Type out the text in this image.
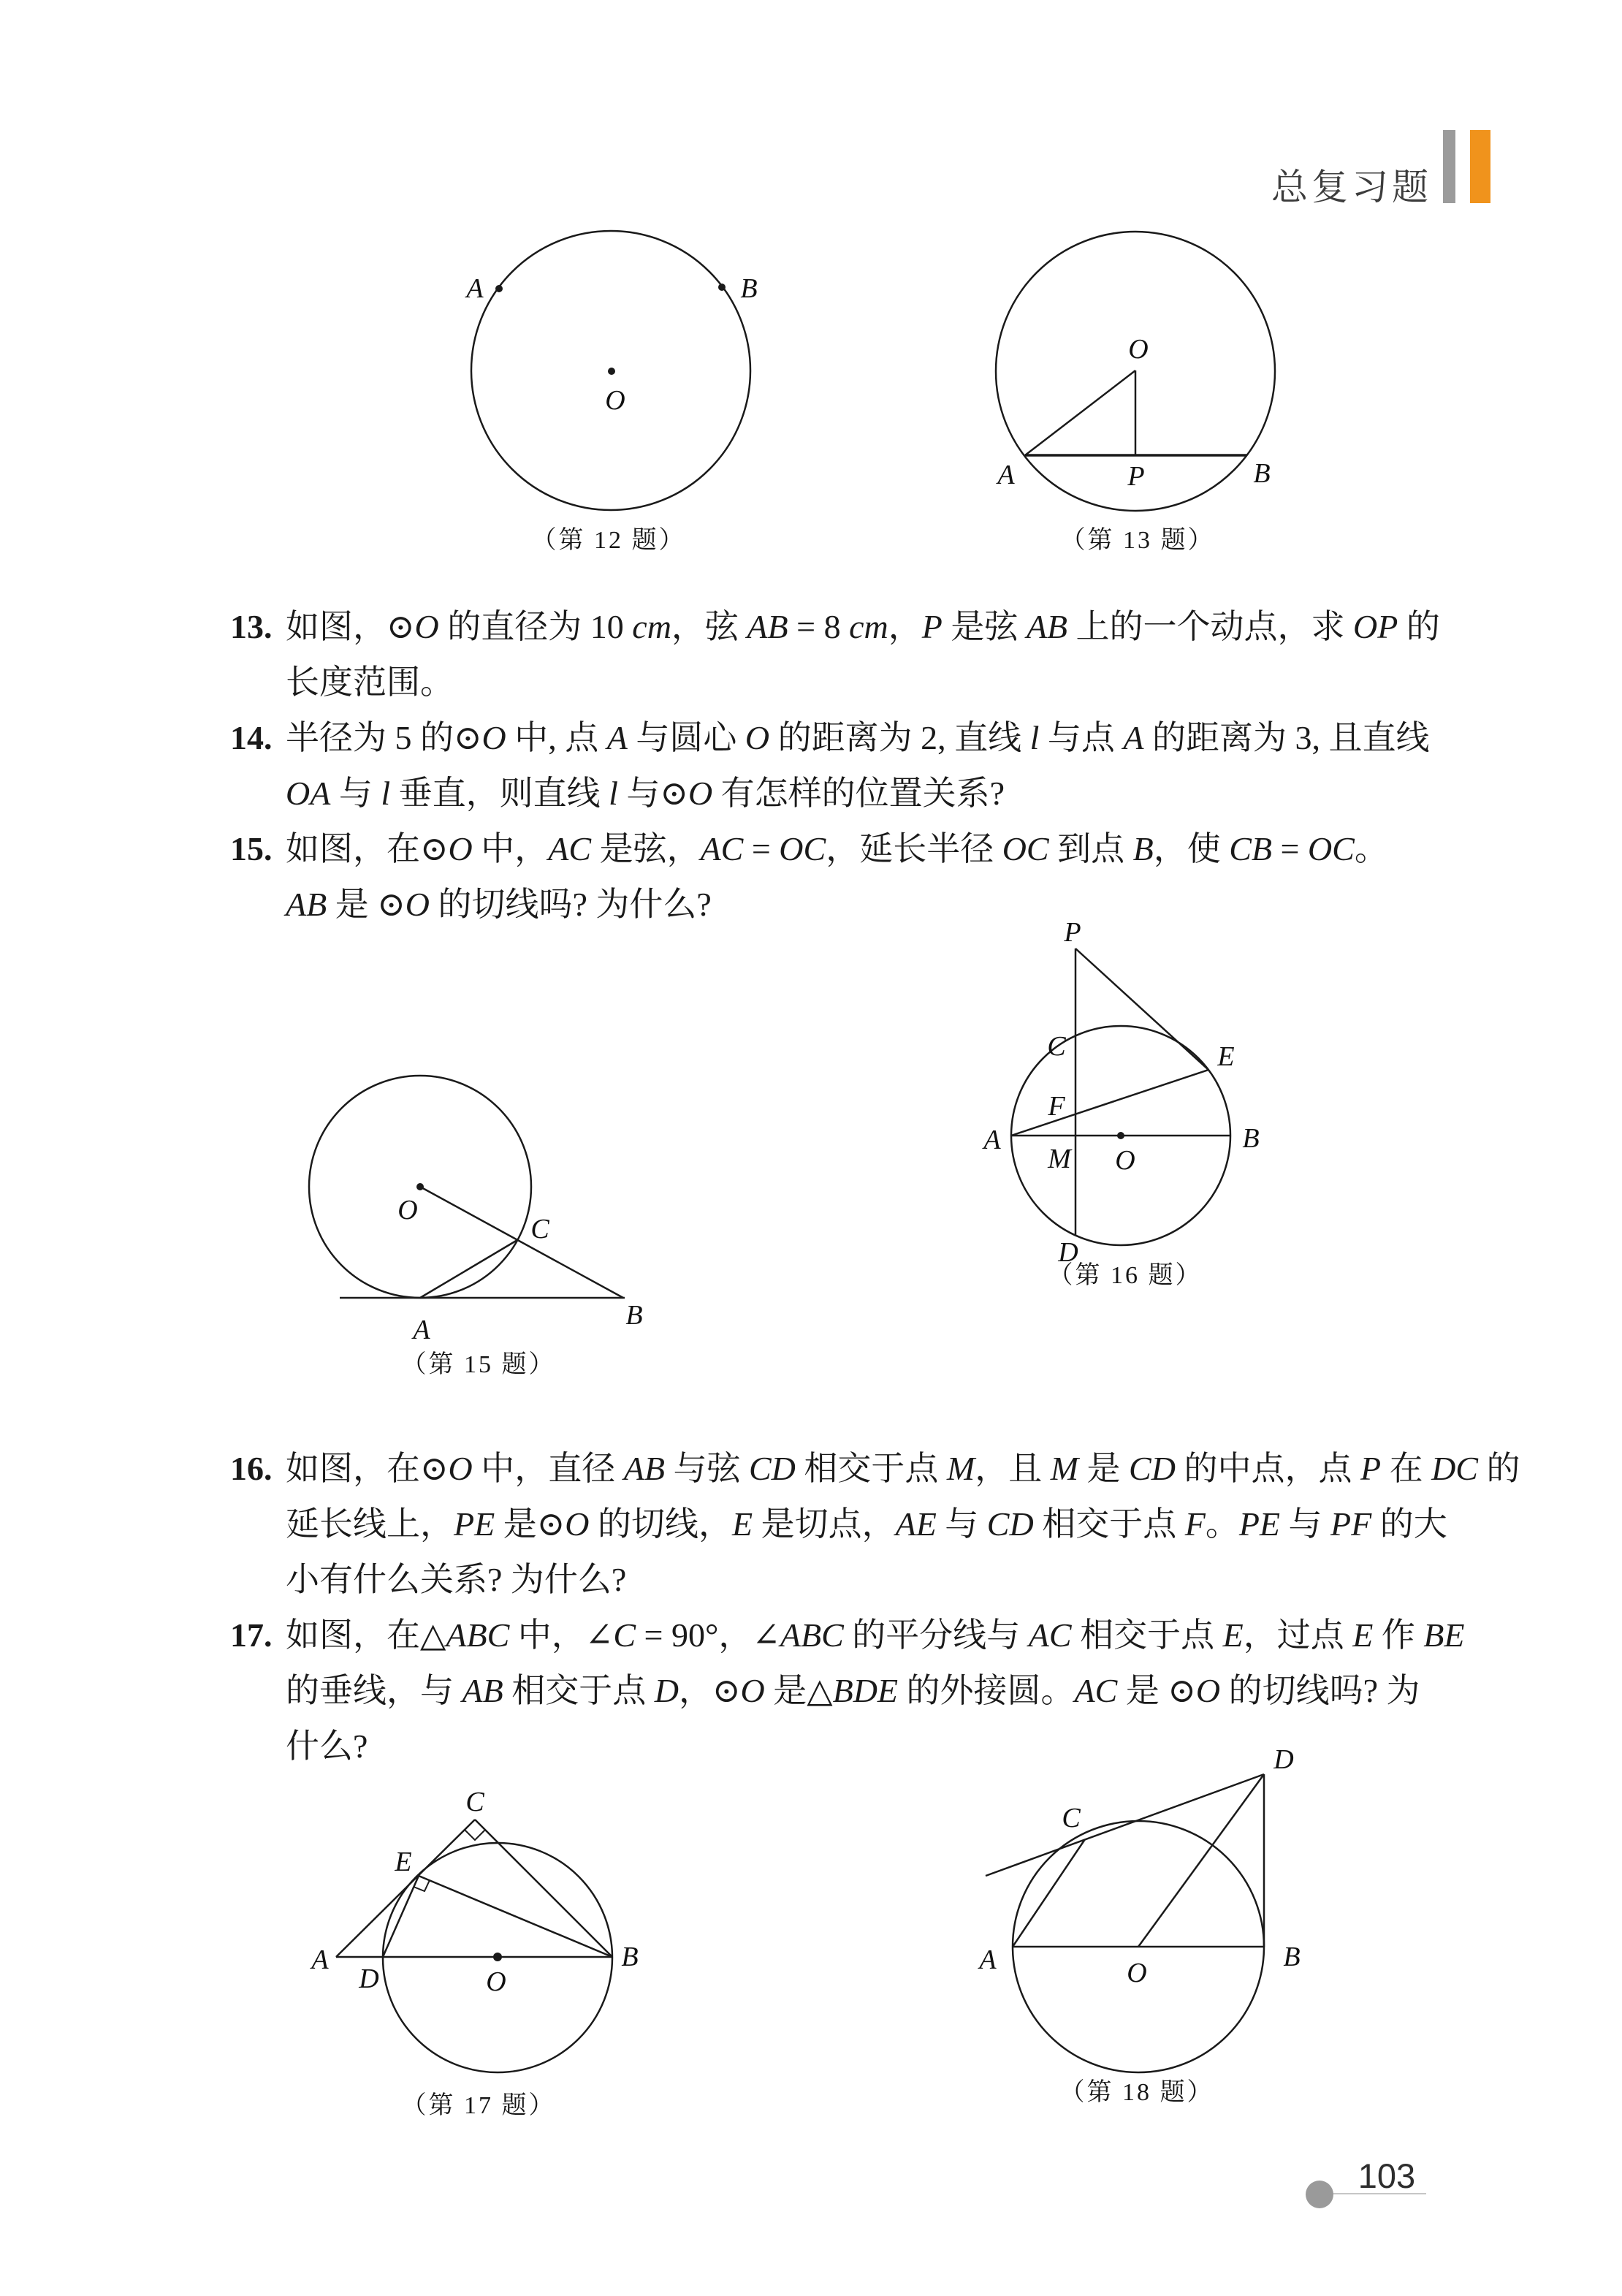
总复习题
A	B
O
（第 12 题）
O
A	P	B
（第 13 题）
13. 如图，⊙O 的直径为 10 cm，弦 AB = 8 cm，P 是弦 AB 上的一个动点，求 OP 的
长度范围。
14. 半径为 5 的⊙O 中, 点 A 与圆心 O 的距离为 2, 直线 l 与点 A 的距离为 3, 且直线
OA 与 l 垂直，则直线 l 与⊙O 有怎样的位置关系?
15. 如图，在⊙O 中，AC 是弦，AC = OC，延长半径 OC 到点 B，使 CB = OC。
AB 是 ⊙O 的切线吗? 为什么?
O
C
A	B
（第 15 题）
P
C	E
F
A
M O
B
D
（第 16 题）
16. 如图，在⊙O 中，直径 AB 与弦 CD 相交于点 M，且 M 是 CD 的中点，点 P 在 DC 的
延长线上，PE 是⊙O 的切线，E 是切点，AE 与 CD 相交于点 F。PE 与 PF 的大
小有什么关系? 为什么?
17. 如图，在△ABC 中，∠C = 90°，∠ABC 的平分线与 AC 相交于点 E，过点 E 作 BE
的垂线，与 AB 相交于点 D，⊙O 是△BDE 的外接圆。AC 是 ⊙O 的切线吗? 为
什么?
C
E
A
D	O
B
（第 17 题）
D
C
A	O
B
（第 18 题）
103
